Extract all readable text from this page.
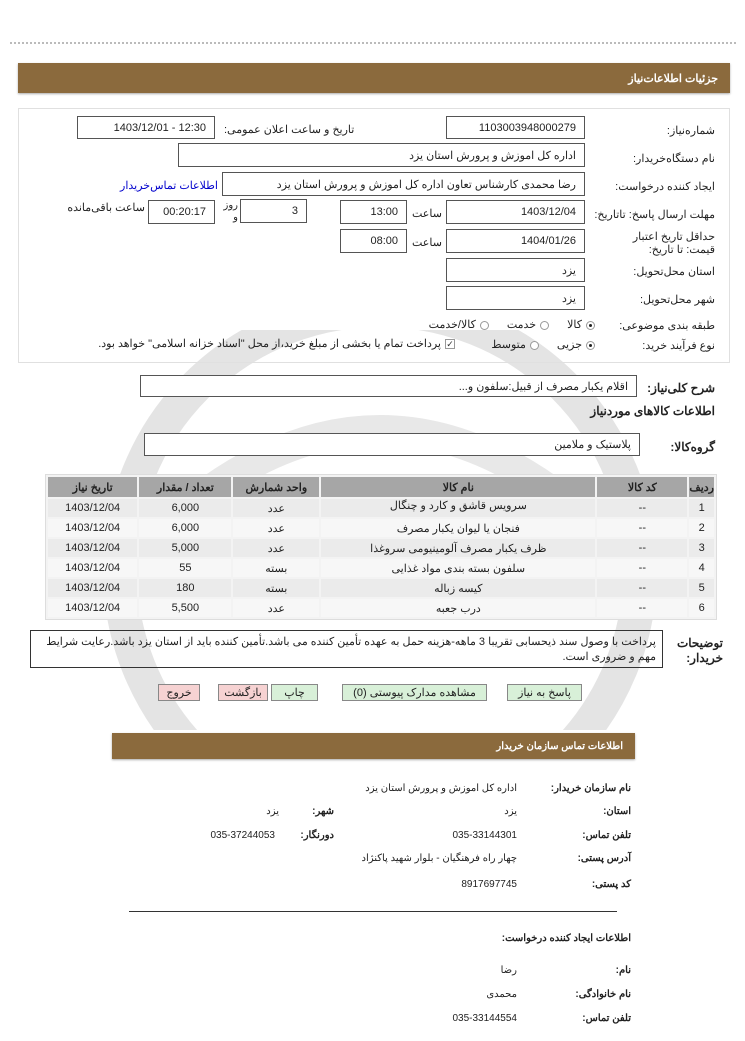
جزئیات اطلاعات‌نیاز
شماره‌نیاز:
1103003948000279
تاریخ و ساعت اعلان عمومی:
1403/12/01 - 12:30
نام دستگاه‌خریدار:
اداره کل اموزش و پرورش استان یزد
ایجاد کننده درخواست:
رضا محمدی کارشناس تعاون اداره کل اموزش و پرورش استان یزد
اطلاعات تماس‌خریدار
مهلت ارسال پاسخ: تاتاریخ:
1403/12/04
ساعت
13:00
3
روز و
00:20:17
ساعت باقی‌مانده
حداقل تاریخ اعتبار قیمت: تا تاریخ:
1404/01/26
ساعت
08:00
استان محل‌تحویل:
یزد
شهر محل‌تحویل:
یزد
طبقه بندی موضوعی:
کالا
خدمت
کالا/خدمت
نوع فرآیند خرید:
جزیی
متوسط
✓پرداخت تمام یا بخشی از مبلغ خرید،از محل "اسناد خزانه اسلامی" خواهد بود.
شرح کلی‌نیاز:
اقلام یکبار مصرف از قبیل:سلفون و...
اطلاعات کالاهای موردنیاز
گروه‌کالا:
پلاستیک و ملامین
ردیف	کد کالا	نام کالا	واحد شمارش	تعداد / مقدار	تاریخ نیاز
1	--	سرویس قاشق و کارد و چنگال	عدد	6,000	1403/12/04
2	--	فنجان یا لیوان یکبار مصرف	عدد	6,000	1403/12/04
3	--	ظرف یکبار مصرف آلومینیومی سروغذا	عدد	5,000	1403/12/04
4	--	سلفون بسته بندی مواد غذایی	بسته	55	1403/12/04
5	--	کیسه زباله	بسته	180	1403/12/04
6	--	درب جعبه	عدد	5,500	1403/12/04
توضیحات خریدار:
پرداخت با وصول سند ذیحسابی تقریبا 3 ماهه-هزینه حمل به عهده تأمین کننده می باشد.تأمین کننده باید از استان یزد باشد.رعایت شرایط مهم و ضروری است.
پاسخ به نیاز
مشاهده مدارک پیوستی (0)
چاپ
بازگشت
خروج
اطلاعات تماس سازمان خریدار
نام سازمان خریدار:
اداره کل اموزش و پرورش استان یزد
استان:
یزد
شهر:
یزد
تلفن تماس:
035-33144301
دورنگار:
035-37244053
آدرس پستی:
چهار راه فرهنگیان - بلوار شهید پاکنژاد
کد پستی:
8917697745
اطلاعات ایجاد کننده درخواست:
نام:
رضا
نام خانوادگی:
محمدی
تلفن تماس:
035-33144554
